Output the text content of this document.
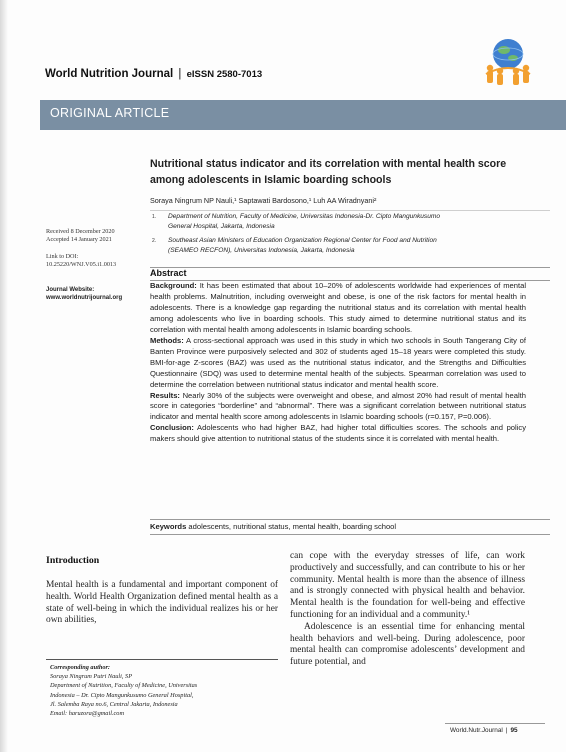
World Nutrition Journal | eISSN 2580-7013
ORIGINAL ARTICLE
Nutritional status indicator and its correlation with mental health score among adolescents in Islamic boarding schools
Soraya Ningrum NP Nauli,¹ Saptawati Bardosono,¹ Luh AA Wiradnyani²
1. Department of Nutrition, Faculty of Medicine, Universitas Indonesia-Dr. Cipto Mangunkusumo
General Hospital, Jakarta, Indonesia
2. Southeast Asian Ministers of Education Organization Regional Center for Food and Nutrition
(SEAMEO RECFON), Universitas Indonesia, Jakarta, Indonesia
Received 8 December 2020
Accepted 14 January 2021
Link to DOI:
10.25220/WNJ.V05.i1.0013
Journal Website:
www.worldnutrijournal.org
Abstract

Background: It has been estimated that about 10–20% of adolescents worldwide had experiences of mental health problems. Malnutrition, including overweight and obese, is one of the risk factors for mental health in adolescents. There is a knowledge gap regarding the nutritional status and its correlation with mental health among adolescents who live in boarding schools. This study aimed to determine nutritional status and its correlation with mental health among adolescents in Islamic boarding schools.

Methods: A cross-sectional approach was used in this study in which two schools in South Tangerang City of Banten Province were purposively selected and 302 of students aged 15–18 years were completed this study. BMI-for-age Z-scores (BAZ) was used as the nutritional status indicator, and the Strengths and Difficulties Questionnaire (SDQ) was used to determine mental health of the subjects. Spearman correlation was used to determine the correlation between nutritional status indicator and mental health score.

Results: Nearly 30% of the subjects were overweight and obese, and almost 20% had result of mental health score in categories “borderline” and “abnormal”. There was a significant correlation between nutritional status indicator and mental health score among adolescents in Islamic boarding schools (r=0.157, P=0.006).

Conclusion: Adolescents who had higher BAZ, had higher total difficulties scores. The schools and policy makers should give attention to nutritional status of the students since it is correlated with mental health.

Keywords adolescents, nutritional status, mental health, boarding school
Introduction

Mental health is a fundamental and important component of health. World Health Organization defined mental health as a state of well-being in which the individual realizes his or her own abilities,

can cope with the everyday stresses of life, can work productively and successfully, and can contribute to his or her community. Mental health is more than the absence of illness and is strongly connected with physical health and behavior. Mental health is the foundation for well-being and effective functioning for an individual and a community.¹

Adolescence is an essential time for enhancing mental health behaviors and well-being. During adolescence, poor mental health can compromise adolescents’ development and future potential, and

Corresponding author:
Soraya Ningrum Putri Nauli, SP
Department of Nutrition, Faculty of Medicine, Universitas
Indonesia – Dr. Cipto Mangunkusumo General Hospital,
Jl. Salemba Raya no.6, Central Jakarta, Indonesia
Email: haruzora@gmail.com
World.Nutr.Journal | 95
